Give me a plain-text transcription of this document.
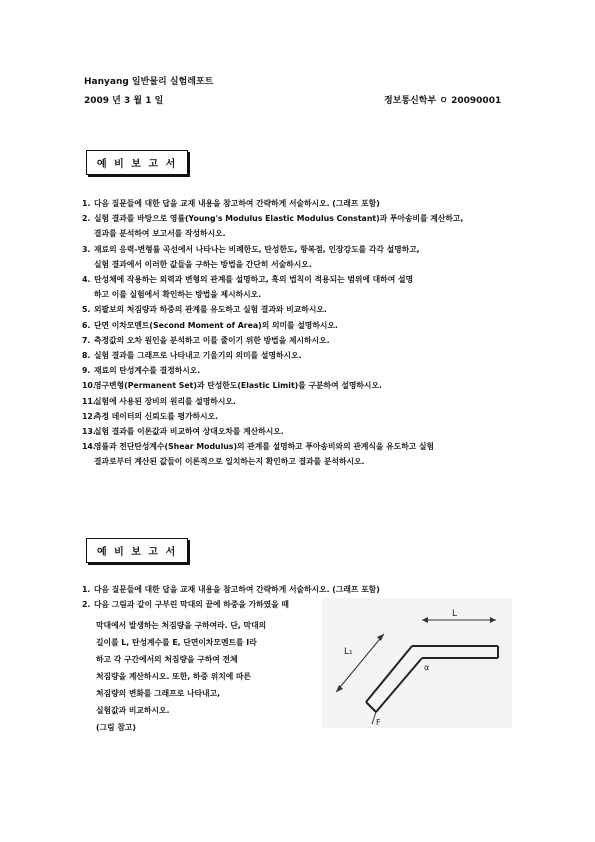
Hanyang 일반물리 실험레포트
2009 년 3 월 1 일	정보통신학부 ㅇ 20090001
예 비 보 고 서
1. 다음 질문들에 대한 답을 교재 내용을 참고하여 간략하게 서술하시오. (그래프 포함)
2. 실험 결과를 바탕으로 영률(Young's Modulus Elastic Modulus Constant)과 푸아송비를 계산하고,
결과를 분석하여 보고서를 작성하시오.
3. 재료의 응력-변형률 곡선에서 나타나는 비례한도, 탄성한도, 항복점, 인장강도를 각각 설명하고,
실험 결과에서 이러한 값들을 구하는 방법을 간단히 서술하시오.
4. 탄성체에 작용하는 외력과 변형의 관계를 설명하고, 훅의 법칙이 적용되는 범위에 대하여 설명
하고 이를 실험에서 확인하는 방법을 제시하시오.
5. 외팔보의 처짐량과 하중의 관계를 유도하고 실험 결과와 비교하시오.
6. 단면 이차모멘트(Second Moment of Area)의 의미를 설명하시오.
7. 측정값의 오차 원인을 분석하고 이를 줄이기 위한 방법을 제시하시오.
8. 실험 결과를 그래프로 나타내고 기울기의 의미를 설명하시오.
9. 재료의 탄성계수를 결정하시오.
10.
영구변형(Permanent Set)과 탄성한도(Elastic Limit)를 구분하여 설명하시오.
11.
실험에 사용된 장비의 원리를 설명하시오.
12.
측정 데이터의 신뢰도를 평가하시오.
13.
실험 결과를 이론값과 비교하여 상대오차를 계산하시오.
14.
영률과 전단탄성계수(Shear Modulus)의 관계를 설명하고 푸아송비와의 관계식을 유도하고 실험
결과로부터 계산된 값들이 이론적으로 일치하는지 확인하고 결과를 분석하시오.
예 비 보 고 서
1. 다음 질문들에 대한 답을 교재 내용을 참고하여 간략하게 서술하시오. (그래프 포함)
2. 다음 그림과 같이 구부린 막대의 끝에 하중을 가하였을 때
막대에서 발생하는 처짐량을 구하여라. 단, 막대의
길이를 L, 탄성계수를 E, 단면이차모멘트를 I라
하고 각 구간에서의 처짐량을 구하여 전체
처짐량을 계산하시오. 또한, 하중 위치에 따른
처짐량의 변화를 그래프로 나타내고,
실험값과 비교하시오.
(그림 참고)
L
L₁
α
F
